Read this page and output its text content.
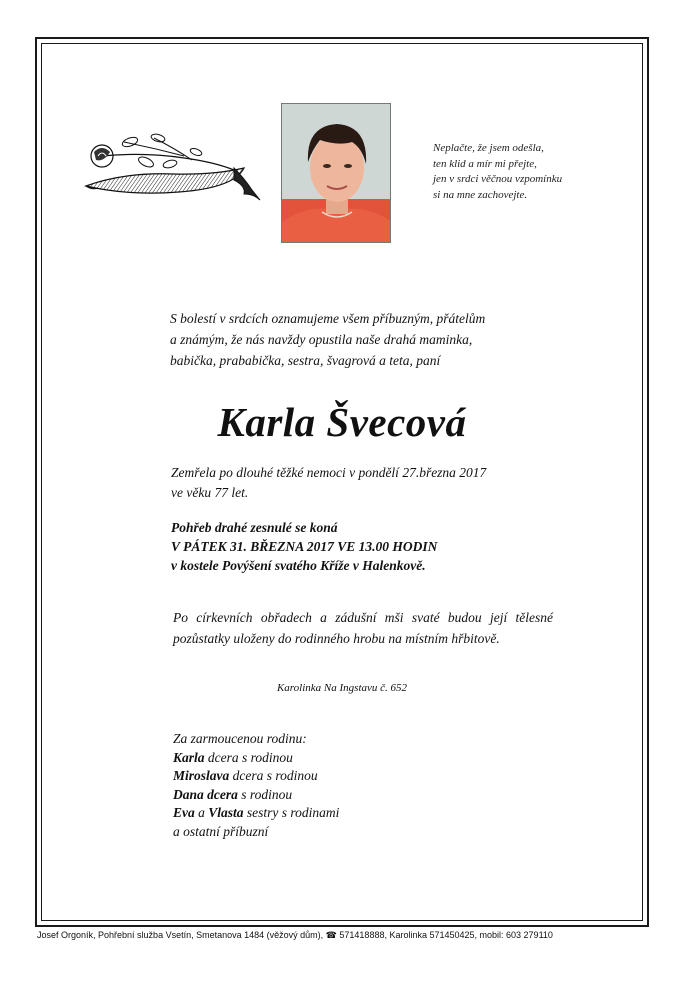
Neplačte, že jsem odešla,
ten klid a mír mi přejte,
jen v srdci věčnou vzpomínku
si na mne zachovejte.
S bolestí v srdcích oznamujeme všem příbuzným, přátelům
a známým, že nás navždy opustila naše drahá maminka,
babička, prababička, sestra, švagrová a teta, paní
Karla Švecová
Zemřela po dlouhé těžké nemoci v pondělí 27.března 2017
ve věku 77 let.
Pohřeb drahé zesnulé se koná
V PÁTEK 31. BŘEZNA 2017 VE 13.00 HODIN
v kostele Povýšení svatého Kříže v Halenkově.
Po církevních obřadech a zádušní mši svaté budou její tělesné pozůstatky uloženy do rodinného hrobu na místním hřbitově.
Karolinka Na Ingstavu č. 652
Za zarmoucenou rodinu:
Karla dcera s rodinou
Miroslava dcera s rodinou
Dana dcera s rodinou
Eva a Vlasta sestry s rodinami
a ostatní příbuzní
Josef Orgoník, Pohřební služba Vsetín, Smetanova 1484 (věžový dům), ☎ 571418888, Karolinka 571450425, mobil: 603 279110
